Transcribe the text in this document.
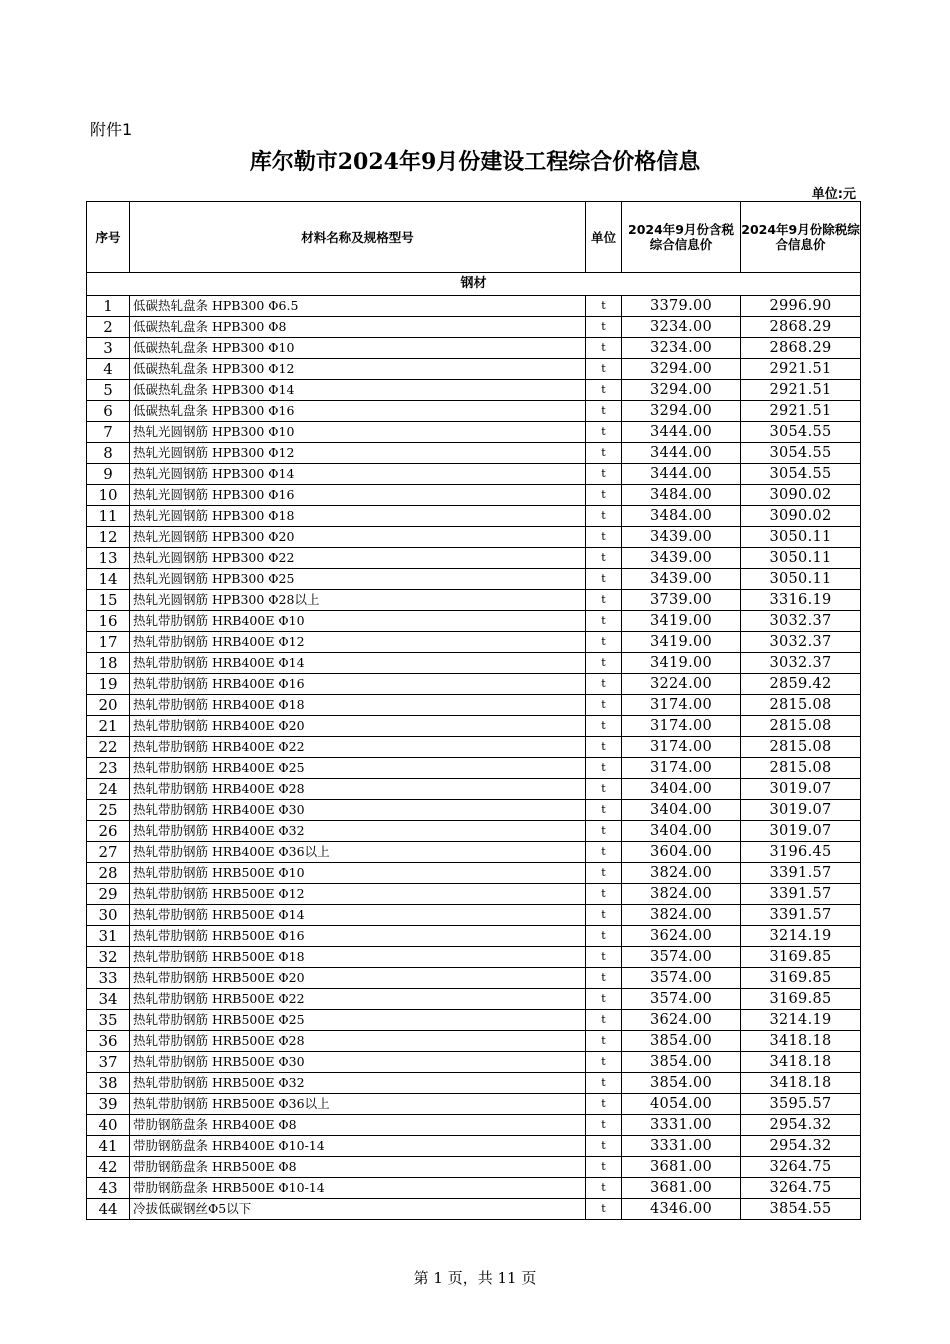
附件1
库尔勒市2024年9月份建设工程综合价格信息
单位:元
序号	材料名称及规格型号	单位	2024年9月份含税综合信息价	2024年9月份除税综合信息价
钢材				
1	低碳热轧盘条 HPB300 Φ6.5	t	3379.00	2996.90
2	低碳热轧盘条 HPB300 Φ8	t	3234.00	2868.29
3	低碳热轧盘条 HPB300 Φ10	t	3234.00	2868.29
4	低碳热轧盘条 HPB300 Φ12	t	3294.00	2921.51
5	低碳热轧盘条 HPB300 Φ14	t	3294.00	2921.51
6	低碳热轧盘条 HPB300 Φ16	t	3294.00	2921.51
7	热轧光圆钢筋 HPB300 Φ10	t	3444.00	3054.55
8	热轧光圆钢筋 HPB300 Φ12	t	3444.00	3054.55
9	热轧光圆钢筋 HPB300 Φ14	t	3444.00	3054.55
10	热轧光圆钢筋 HPB300 Φ16	t	3484.00	3090.02
11	热轧光圆钢筋 HPB300 Φ18	t	3484.00	3090.02
12	热轧光圆钢筋 HPB300 Φ20	t	3439.00	3050.11
13	热轧光圆钢筋 HPB300 Φ22	t	3439.00	3050.11
14	热轧光圆钢筋 HPB300 Φ25	t	3439.00	3050.11
15	热轧光圆钢筋 HPB300 Φ28以上	t	3739.00	3316.19
16	热轧带肋钢筋 HRB400E Φ10	t	3419.00	3032.37
17	热轧带肋钢筋 HRB400E Φ12	t	3419.00	3032.37
18	热轧带肋钢筋 HRB400E Φ14	t	3419.00	3032.37
19	热轧带肋钢筋 HRB400E Φ16	t	3224.00	2859.42
20	热轧带肋钢筋 HRB400E Φ18	t	3174.00	2815.08
21	热轧带肋钢筋 HRB400E Φ20	t	3174.00	2815.08
22	热轧带肋钢筋 HRB400E Φ22	t	3174.00	2815.08
23	热轧带肋钢筋 HRB400E Φ25	t	3174.00	2815.08
24	热轧带肋钢筋 HRB400E Φ28	t	3404.00	3019.07
25	热轧带肋钢筋 HRB400E Φ30	t	3404.00	3019.07
26	热轧带肋钢筋 HRB400E Φ32	t	3404.00	3019.07
27	热轧带肋钢筋 HRB400E Φ36以上	t	3604.00	3196.45
28	热轧带肋钢筋 HRB500E Φ10	t	3824.00	3391.57
29	热轧带肋钢筋 HRB500E Φ12	t	3824.00	3391.57
30	热轧带肋钢筋 HRB500E Φ14	t	3824.00	3391.57
31	热轧带肋钢筋 HRB500E Φ16	t	3624.00	3214.19
32	热轧带肋钢筋 HRB500E Φ18	t	3574.00	3169.85
33	热轧带肋钢筋 HRB500E Φ20	t	3574.00	3169.85
34	热轧带肋钢筋 HRB500E Φ22	t	3574.00	3169.85
35	热轧带肋钢筋 HRB500E Φ25	t	3624.00	3214.19
36	热轧带肋钢筋 HRB500E Φ28	t	3854.00	3418.18
37	热轧带肋钢筋 HRB500E Φ30	t	3854.00	3418.18
38	热轧带肋钢筋 HRB500E Φ32	t	3854.00	3418.18
39	热轧带肋钢筋 HRB500E Φ36以上	t	4054.00	3595.57
40	带肋钢筋盘条 HRB400E Φ8	t	3331.00	2954.32
41	带肋钢筋盘条 HRB400E Φ10-14	t	3331.00	2954.32
42	带肋钢筋盘条 HRB500E Φ8	t	3681.00	3264.75
43	带肋钢筋盘条 HRB500E Φ10-14	t	3681.00	3264.75
44	冷拔低碳钢丝Φ5以下	t	4346.00	3854.55
第 1 页，共 11 页
